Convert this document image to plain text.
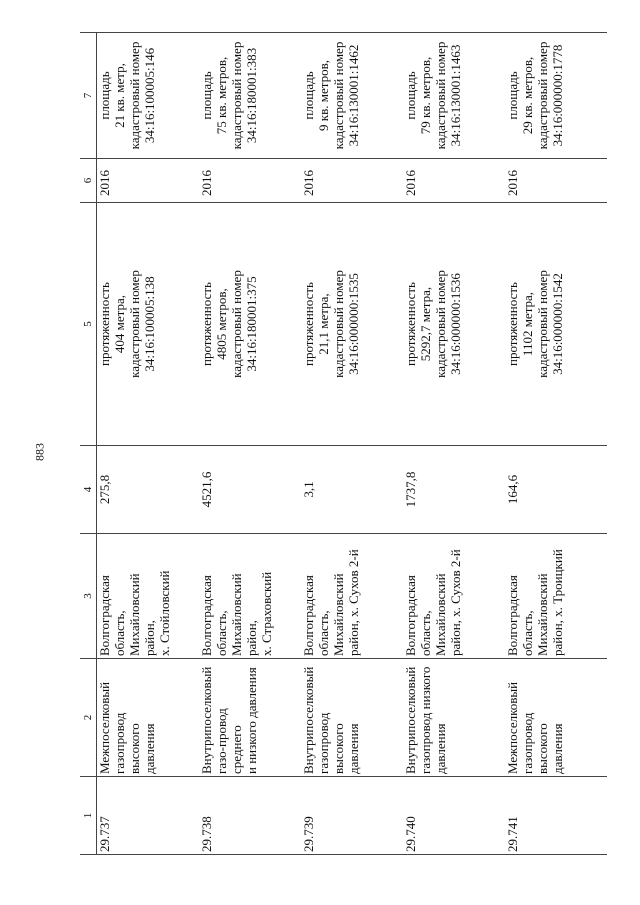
883
1	2	3	4	5	6	7
29.737	Межпоселковый газопровод высокого давления	Волгоградская область, Михайловский район, х. Стойловский	275,8	протяженность 404 метра, кадастровый номер 34:16:100005:138	2016	площадь 21 кв. метр, кадастровый номер 34:16:100005:146

29.738	Внутрипоселковый газо-провод среднего и низкого давления	Волгоградская область, Михайловский район, х. Страховский	4521,6	протяженность 4805 метров, кадастровый номер 34:16:180001:375	2016	площадь 75 кв. метров, кадастровый номер 34:16:180001:383

29.739	Внутрипоселковый газопровод высокого давления	Волгоградская область, Михайловский район, х. Сухов 2-й	3,1	протяженность 21,1 метра, кадастровый номер 34:16:000000:1535	2016	площадь 9 кв. метров, кадастровый номер 34:16:130001:1462

29.740	Внутрипоселковый газопровод низкого давления	Волгоградская область, Михайловский район, х. Сухов 2-й	1737,8	протяженность 5292,7 метра, кадастровый номер 34:16:000000:1536	2016	площадь 79 кв. метров, кадастровый номер 34:16:130001:1463

29.741	Межпоселковый газопровод высокого давления	Волгоградская область, Михайловский район, х. Троицкий	164,6	протяженность 1102 метра, кадастровый номер 34:16:000000:1542	2016	площадь 29 кв. метров, кадастровый номер 34:16:000000:1778
